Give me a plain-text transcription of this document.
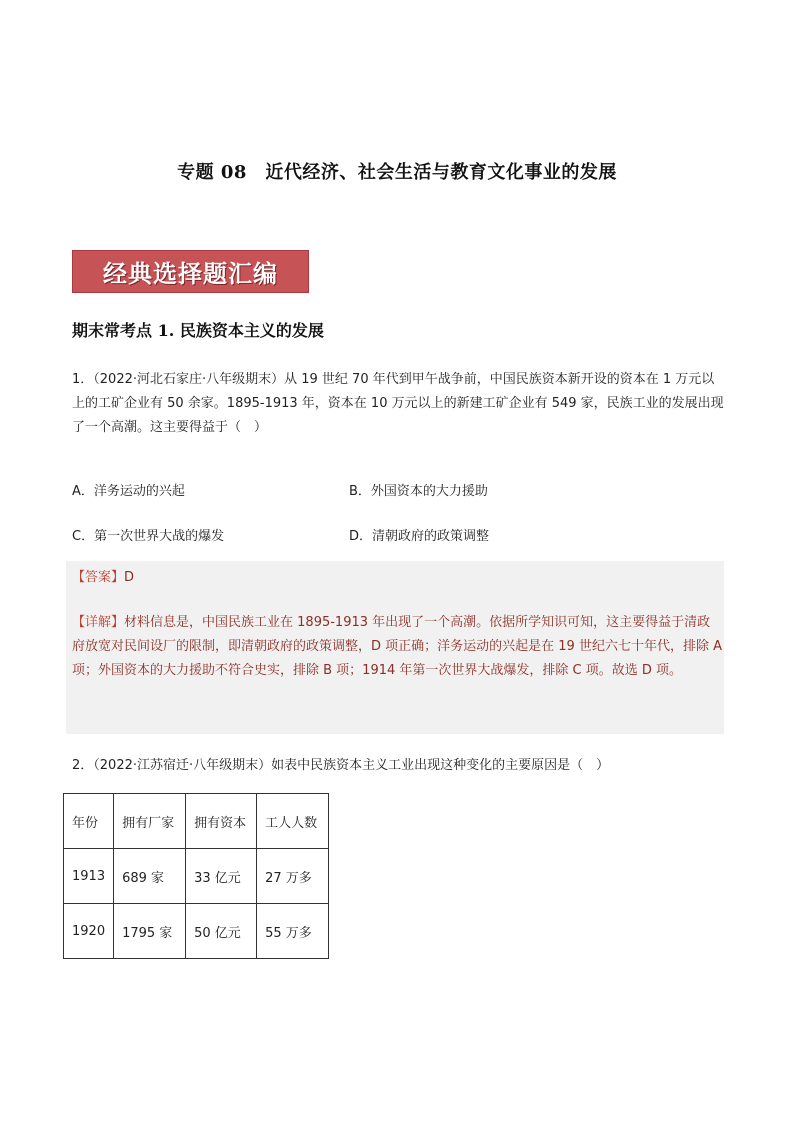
专题 08　近代经济、社会生活与教育文化事业的发展
经典选择题汇编
期末常考点 1. 民族资本主义的发展
1．（2022·河北石家庄·八年级期末）从 19 世纪 70 年代到甲午战争前，中国民族资本新开设的资本在 1 万元以上的工矿企业有 50 余家。1895-1913 年，资本在 10 万元以上的新建工矿企业有 549 家，民族工业的发展出现了一个高潮。这主要得益于（　）
A．洋务运动的兴起	B．外国资本的大力援助
C．第一次世界大战的爆发	D．清朝政府的政策调整
【答案】D
【详解】材料信息是，中国民族工业在 1895-1913 年出现了一个高潮。依据所学知识可知，这主要得益于清政府放宽对民间设厂的限制，即清朝政府的政策调整，D 项正确；洋务运动的兴起是在 19 世纪六七十年代，排除 A 项；外国资本的大力援助不符合史实，排除 B 项；1914 年第一次世界大战爆发，排除 C 项。故选 D 项。
2．（2022·江苏宿迁·八年级期末）如表中民族资本主义工业出现这种变化的主要原因是（　）
年份	拥有厂家	拥有资本	工人人数
1913	689 家	33 亿元	27 万多
1920	1795 家	50 亿元	55 万多
